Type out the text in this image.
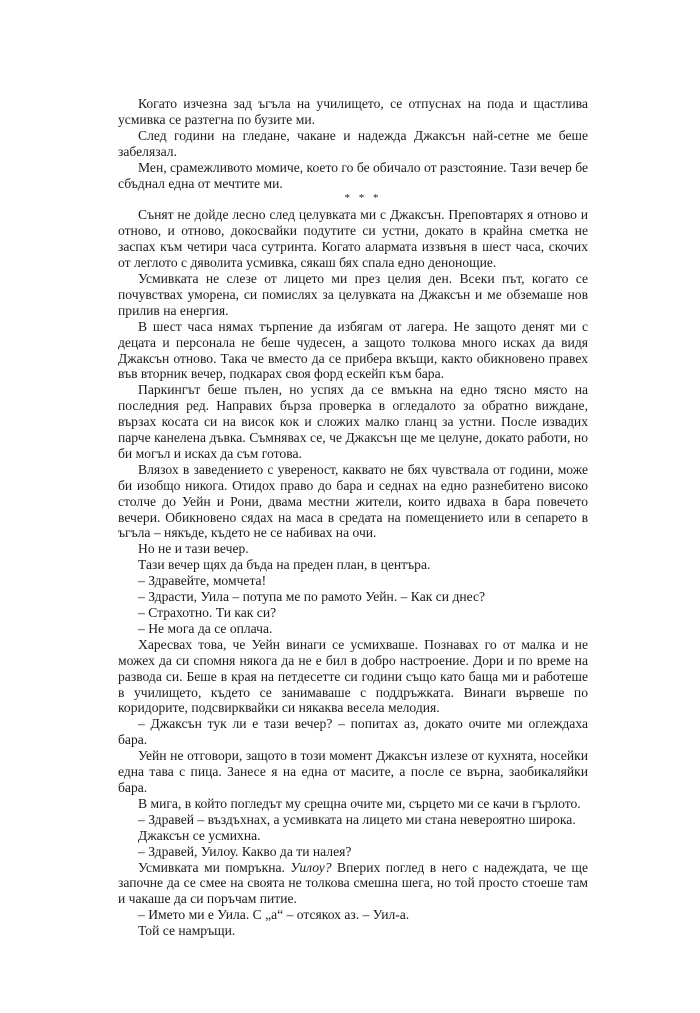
Когато изчезна зад ъгъла на училището, се отпуснах на пода и щастлива усмивка се разтегна по бузите ми.

След години на гледане, чакане и надежда Джаксън най-сетне ме беше забелязал.

Мен, срамежливото момиче, което го бе обичало от разстояние. Тази вечер бе сбъднал една от мечтите ми.

* * *

Сънят не дойде лесно след целувката ми с Джаксън. Преповтарях я отново и отново, и отново, докосвайки подутите си устни, докато в крайна сметка не заспах към четири часа сутринта. Когато алармата иззвъня в шест часа, скочих от леглото с дяволита усмивка, сякаш бях спала едно денонощие.

Усмивката не слезе от лицето ми през целия ден. Всеки път, когато се почувствах уморена, си помислях за целувката на Джаксън и ме обземаше нов прилив на енергия.

В шест часа нямах търпение да избягам от лагера. Не защото денят ми с децата и персонала не беше чудесен, а защото толкова много исках да видя Джаксън отново. Така че вместо да се прибера вкъщи, както обикновено правех във вторник вечер, подкарах своя форд ескейп към бара.

Паркингът беше пълен, но успях да се вмъкна на едно тясно място на последния ред. Направих бърза проверка в огледалото за обратно виждане, вързах косата си на висок кок и сложих малко гланц за устни. После извадих парче канелена дъвка. Съмнявах се, че Джаксън ще ме целуне, докато работи, но би могъл и исках да съм готова.

Влязох в заведението с увереност, каквато не бях чувствала от години, може би изобщо никога. Отидох право до бара и седнах на едно разнебитено високо столче до Уейн и Рони, двама местни жители, които идваха в бара повечето вечери. Обикновено сядах на маса в средата на помещението или в сепарето в ъгъла – някъде, където не се набивах на очи.

Но не и тази вечер.

Тази вечер щях да бъда на преден план, в центъра.

– Здравейте, момчета!

– Здрасти, Уила – потупа ме по рамото Уейн. – Как си днес?

– Страхотно. Ти как си?

– Не мога да се оплача.

Харесвах това, че Уейн винаги се усмихваше. Познавах го от малка и не можех да си спомня някога да не е бил в добро настроение. Дори и по време на развода си. Беше в края на петдесетте си години също като баща ми и работеше в училището, където се занимаваше с поддръжката. Винаги вървеше по коридорите, подсвирквайки си някаква весела мелодия.

– Джаксън тук ли е тази вечер? – попитах аз, докато очите ми оглеждаха бара.

Уейн не отговори, защото в този момент Джаксън излезе от кухнята, носейки една тава с пица. Занесе я на една от масите, а после се върна, заобикаляйки бара.

В мига, в който погледът му срещна очите ми, сърцето ми се качи в гърлото.

– Здравей – въздъхнах, а усмивката на лицето ми стана невероятно широка.

Джаксън се усмихна.

– Здравей, Уилоу. Какво да ти налея?

Усмивката ми помръкна. Уилоу? Вперих поглед в него с надеждата, че ще започне да се смее на своята не толкова смешна шега, но той просто стоеше там и чакаше да си поръчам питие.

– Името ми е Уила. С „а“ – отсякох аз. – Уил-а.

Той се намръщи.
